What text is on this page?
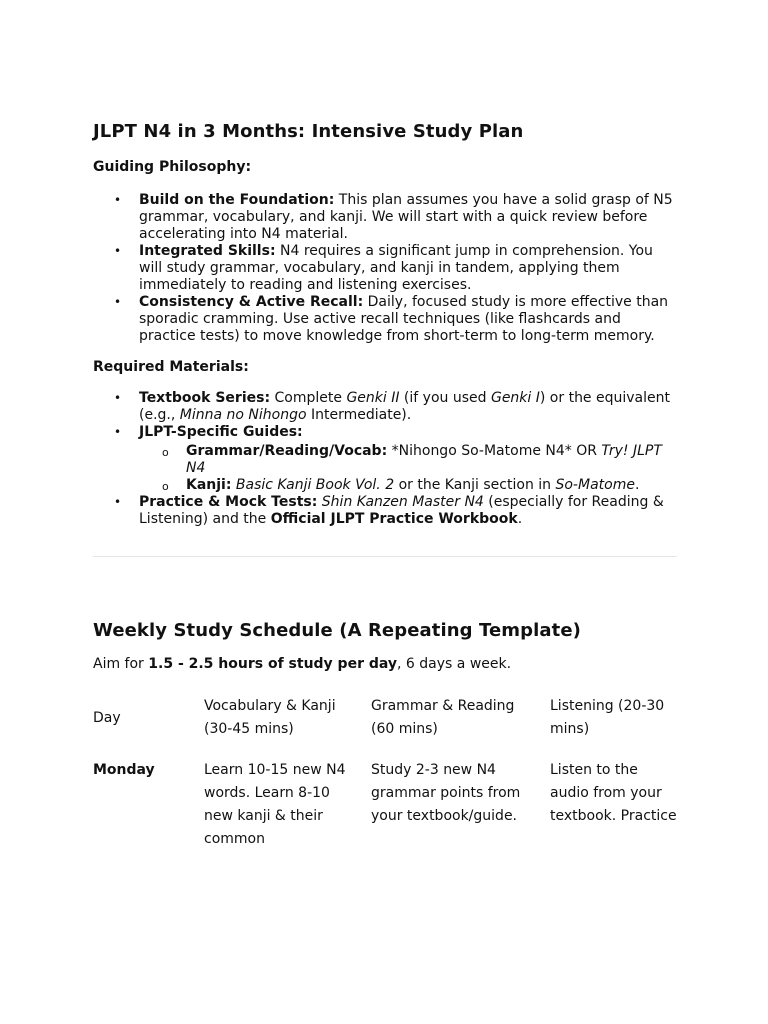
JLPT N4 in 3 Months: Intensive Study Plan
Guiding Philosophy:
• Build on the Foundation: This plan assumes you have a solid grasp of N5 grammar, vocabulary, and kanji. We will start with a quick review before accelerating into N4 material.
• Integrated Skills: N4 requires a significant jump in comprehension. You will study grammar, vocabulary, and kanji in tandem, applying them immediately to reading and listening exercises.
• Consistency & Active Recall: Daily, focused study is more effective than sporadic cramming. Use active recall techniques (like flashcards and practice tests) to move knowledge from short-term to long-term memory.
Required Materials:
• Textbook Series: Complete Genki II (if you used Genki I) or the equivalent (e.g., Minna no Nihongo Intermediate).
• JLPT-Specific Guides:
o Grammar/Reading/Vocab: *Nihongo So-Matome N4* OR Try! JLPT N4
o Kanji: Basic Kanji Book Vol. 2 or the Kanji section in So-Matome.
• Practice & Mock Tests: Shin Kanzen Master N4 (especially for Reading & Listening) and the Official JLPT Practice Workbook.
Weekly Study Schedule (A Repeating Template)
Aim for 1.5 - 2.5 hours of study per day, 6 days a week.
Day	Vocabulary & Kanji (30-45 mins)	Grammar & Reading (60 mins)	Listening (20-30 mins)
Monday	Learn 10-15 new N4 words. Learn 8-10 new kanji & their common	Study 2-3 new N4 grammar points from your textbook/guide.	Listen to the audio from your textbook. Practice
